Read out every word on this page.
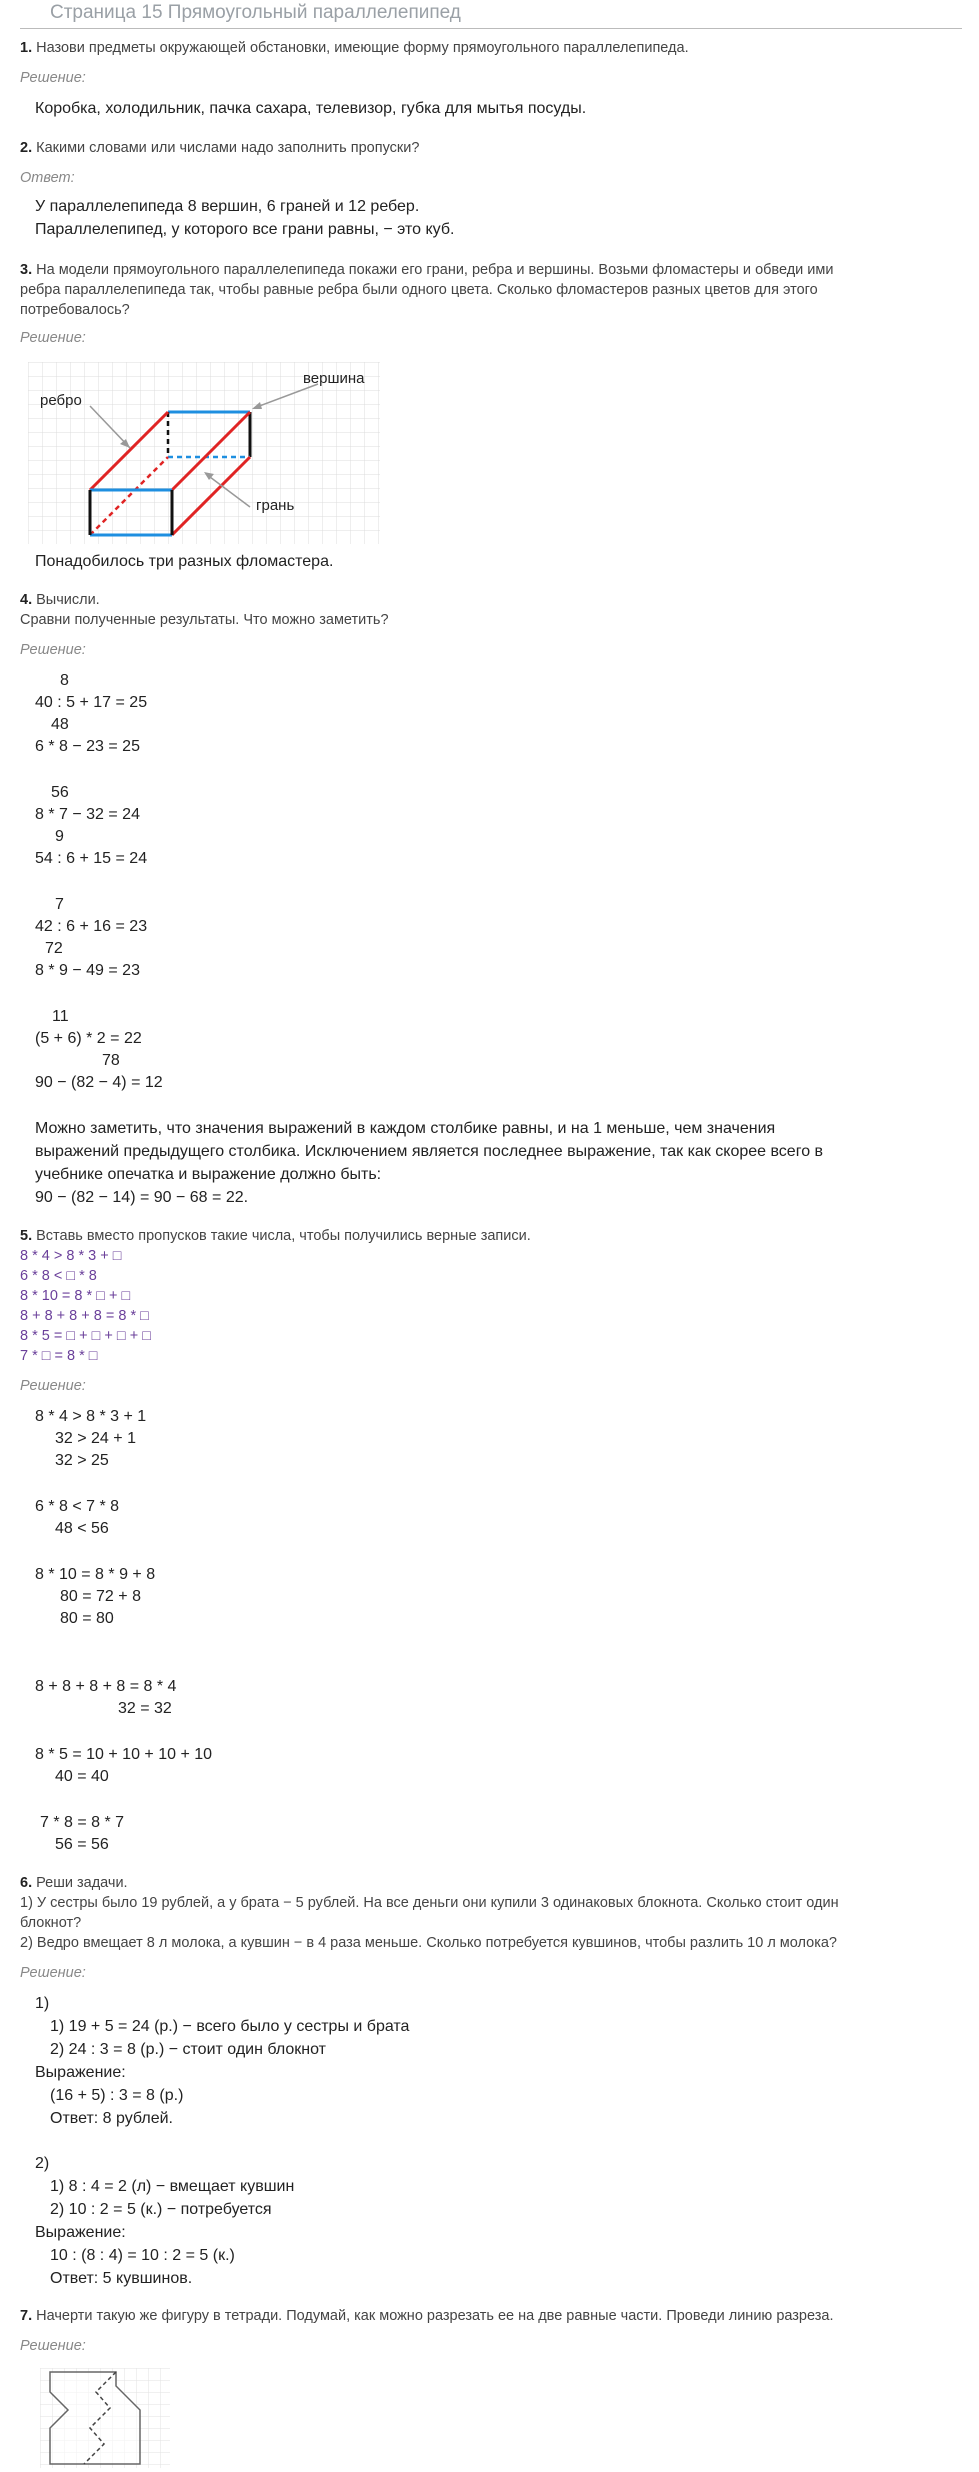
Страница 15 Прямоугольный параллелепипед
1. Назови предметы окружающей обстановки, имеющие форму прямоугольного параллелепипеда.
Решение:
Коробка, холодильник, пачка сахара, телевизор, губка для мытья посуды.
2. Какими словами или числами надо заполнить пропуски?
Ответ:
У параллелепипеда 8 вершин, 6 граней и 12 ребер.
Параллелепипед, у которого все грани равны, − это куб.
3. На модели прямоугольного параллелепипеда покажи его грани, ребра и вершины. Возьми фломастеры и обведи ими
ребра параллелепипеда так, чтобы равные ребра были одного цвета. Сколько фломастеров разных цветов для этого
потребовалось?
Решение:
ребро
вершина
грань
Понадобилось три разных фломастера.
4. Вычисли.
Сравни полученные результаты. Что можно заметить?
Решение:
8
40 : 5 + 17 = 25
48
6 * 8 − 23 = 25
56
8 * 7 − 32 = 24
9
54 : 6 + 15 = 24
7
42 : 6 + 16 = 23
72
8 * 9 − 49 = 23
11
(5 + 6) * 2 = 22
78
90 − (82 − 4) = 12
Можно заметить, что значения выражений в каждом столбике равны, и на 1 меньше, чем значения
выражений предыдущего столбика. Исключением является последнее выражение, так как скорее всего в
учебнике опечатка и выражение должно быть:
90 − (82 − 14) = 90 − 68 = 22.
5. Вставь вместо пропусков такие числа, чтобы получились верные записи.
8 * 4 > 8 * 3 + □
6 * 8 < □ * 8
8 * 10 = 8 * □ + □
8 + 8 + 8 + 8 = 8 * □
8 * 5 = □ + □ + □ + □
7 * □ = 8 * □
Решение:
8 * 4 > 8 * 3 + 1
32 > 24 + 1
32 > 25
6 * 8 < 7 * 8
48 < 56
8 * 10 = 8 * 9 + 8
80 = 72 + 8
80 = 80
8 + 8 + 8 + 8 = 8 * 4
32 = 32
8 * 5 = 10 + 10 + 10 + 10
40 = 40
7 * 8 = 8 * 7
56 = 56
6. Реши задачи.
1) У сестры было 19 рублей, а у брата − 5 рублей. На все деньги они купили 3 одинаковых блокнота. Сколько стоит один
блокнот?
2) Ведро вмещает 8 л молока, а кувшин − в 4 раза меньше. Сколько потребуется кувшинов, чтобы разлить 10 л молока?
Решение:
1)
1) 19 + 5 = 24 (р.) − всего было у сестры и брата
2) 24 : 3 = 8 (р.) − стоит один блокнот
Выражение:
(16 + 5) : 3 = 8 (р.)
Ответ: 8 рублей.
2)
1) 8 : 4 = 2 (л) − вмещает кувшин
2) 10 : 2 = 5 (к.) − потребуется
Выражение:
10 : (8 : 4) = 10 : 2 = 5 (к.)
Ответ: 5 кувшинов.
7. Начерти такую же фигуру в тетради. Подумай, как можно разрезать ее на две равные части. Проведи линию разреза.
Решение:
